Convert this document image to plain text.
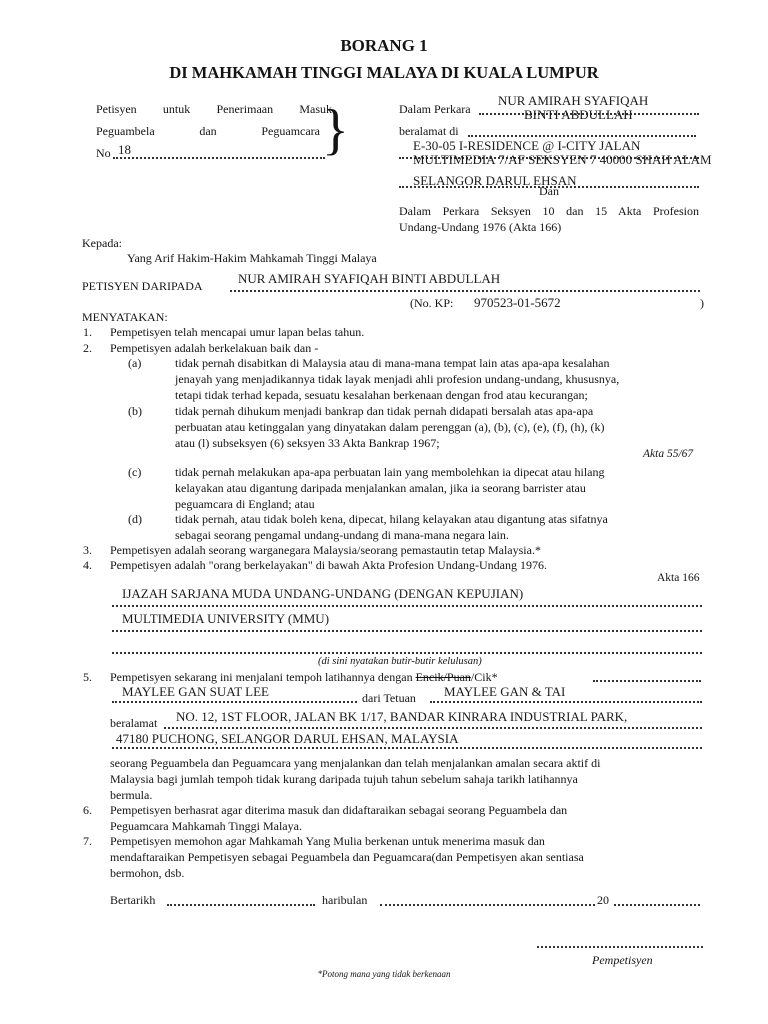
BORANG 1
DI MAHKAMAH TINGGI MALAYA DI KUALA LUMPUR
Petisyen untuk Penerimaan Masuk
Peguambela dan Peguamcara
No 18	}	Dalam Perkara
NUR AMIRAH SYAFIQAH
BINTI ABDULLAH
beralamat di
E-30-05 I-RESIDENCE @ I-CITY JALAN
MULTIMEDIA 7/AF SEKSYEN 7 40000 SHAH ALAM
SELANGOR DARUL EHSAN
Dan
Dalam Perkara Seksyen 10 dan 15 Akta Profesion
Undang-Undang 1976 (Akta 166)
Kepada:
Yang Arif Hakim-Hakim Mahkamah Tinggi Malaya
PETISYEN DARIPADA	NUR AMIRAH SYAFIQAH BINTI ABDULLAH
(No. KP: 970523-01-5672	)
MENYATAKAN:
1.	Pempetisyen telah mencapai umur lapan belas tahun.
2.	Pempetisyen adalah berkelakuan baik dan -
(a)	tidak pernah disabitkan di Malaysia atau di mana-mana tempat lain atas apa-apa kesalahan
jenayah yang menjadikannya tidak layak menjadi ahli profesion undang-undang, khususnya,
tetapi tidak terhad kepada, sesuatu kesalahan berkenaan dengan frod atau kecurangan;
(b)	tidak pernah dihukum menjadi bankrap dan tidak pernah didapati bersalah atas apa-apa
perbuatan atau ketinggalan yang dinyatakan dalam perenggan (a), (b), (c), (e), (f), (h), (k)
atau (l) subseksyen (6) seksyen 33 Akta Bankrap 1967;
Akta 55/67
(c)	tidak pernah melakukan apa-apa perbuatan lain yang membolehkan ia dipecat atau hilang
kelayakan atau digantung daripada menjalankan amalan, jika ia seorang barrister atau
peguamcara di England; atau
(d)	tidak pernah, atau tidak boleh kena, dipecat, hilang kelayakan atau digantung atas sifatnya
sebagai seorang pengamal undang-undang di mana-mana negara lain.
3.	Pempetisyen adalah seorang warganegara Malaysia/seorang pemastautin tetap Malaysia.*
4.	Pempetisyen adalah "orang berkelayakan" di bawah Akta Profesion Undang-Undang 1976.
Akta 166
IJAZAH SARJANA MUDA UNDANG-UNDANG (DENGAN KEPUJIAN)
MULTIMEDIA UNIVERSITY (MMU)
(di sini nyatakan butir-butir kelulusan)
5.	Pempetisyen sekarang ini menjalani tempoh latihannya dengan Encik/Puan/Cik*
MAYLEE GAN SUAT LEE	dari Tetuan MAYLEE GAN & TAI
beralamat NO. 12, 1ST FLOOR, JALAN BK 1/17, BANDAR KINRARA INDUSTRIAL PARK,
47180 PUCHONG, SELANGOR DARUL EHSAN, MALAYSIA
seorang Peguambela dan Peguamcara yang menjalankan dan telah menjalankan amalan secara aktif di
Malaysia bagi jumlah tempoh tidak kurang daripada tujuh tahun sebelum sahaja tarikh latihannya
bermula.
6.	Pempetisyen berhasrat agar diterima masuk dan didaftaraikan sebagai seorang Peguambela dan
Peguamcara Mahkamah Tinggi Malaya.
7.	Pempetisyen memohon agar Mahkamah Yang Mulia berkenan untuk menerima masuk dan
mendaftaraikan Pempetisyen sebagai Peguambela dan Peguamcara(dan Pempetisyen akan sentiasa
bermohon, dsb.
Bertarikh	haribulan	20
Pempetisyen
*Potong mana yang tidak berkenaan
